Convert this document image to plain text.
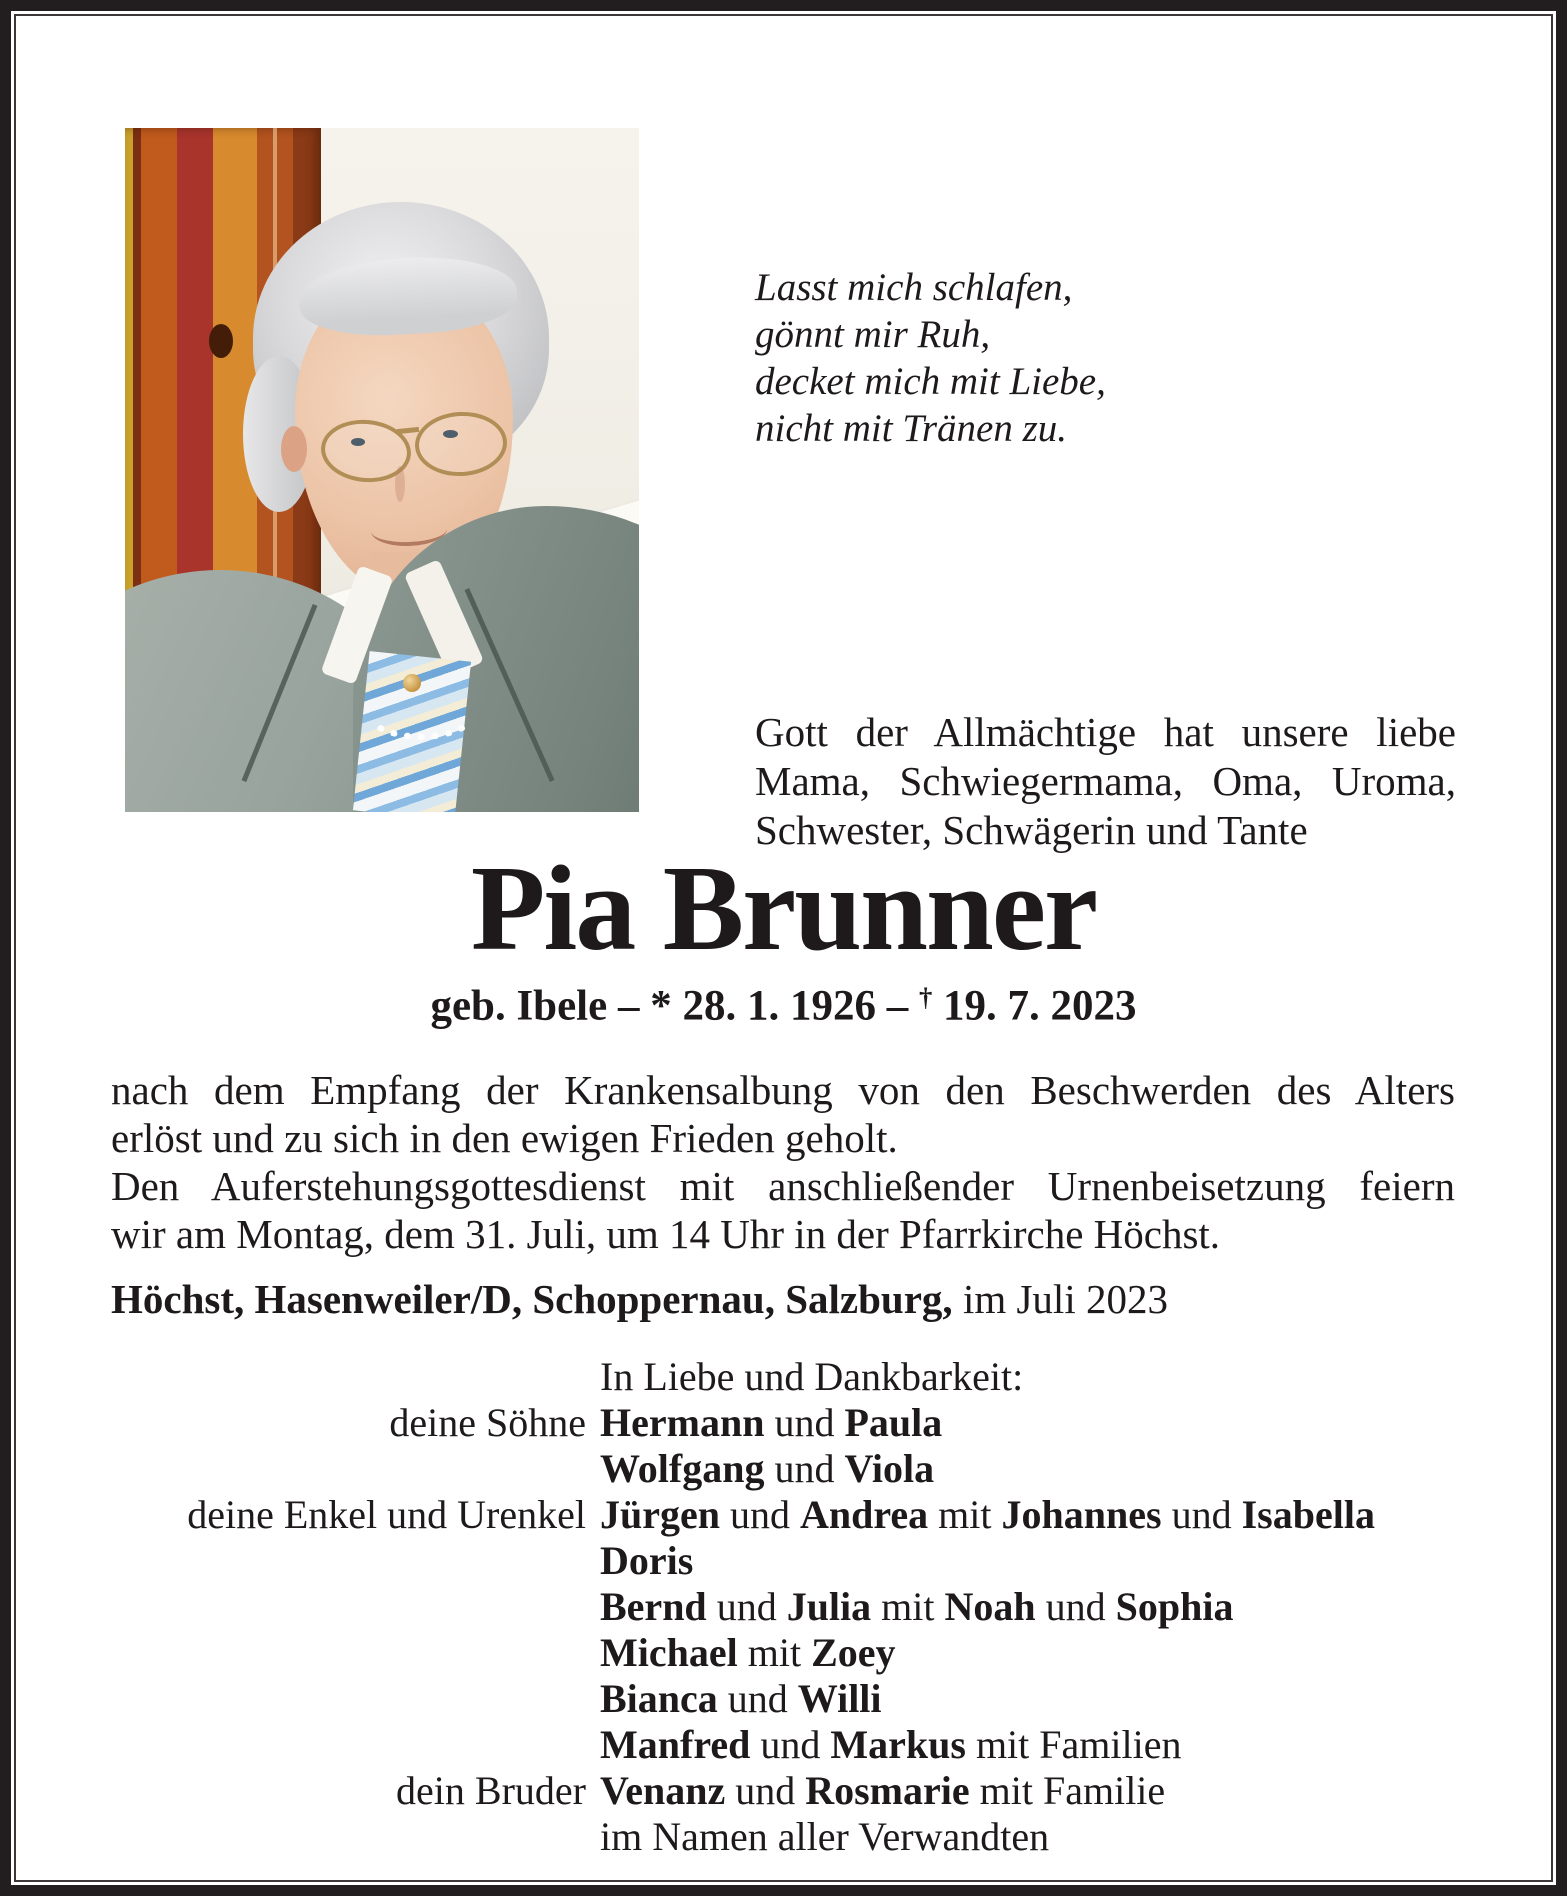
Lasst mich schlafen,
gönnt mir Ruh,
decket mich mit Liebe,
nicht mit Tränen zu.
Gott der Allmächtige hat unsere liebe
Mama, Schwiegermama, Oma, Uroma,
Schwester, Schwägerin und Tante
Pia Brunner
geb. Ibele – * 28. 1. 1926 – † 19. 7. 2023
nach dem Empfang der Krankensalbung von den Beschwerden des Alters
erlöst und zu sich in den ewigen Frieden geholt.
Den Auferstehungsgottesdienst mit anschließender Urnenbeisetzung feiern
wir am Montag, dem 31. Juli, um 14 Uhr in der Pfarrkirche Höchst.
Höchst, Hasenweiler/D, Schoppernau, Salzburg, im Juli 2023
In Liebe und Dankbarkeit:
deine Söhne Hermann und Paula
Wolfgang und Viola
deine Enkel und Urenkel Jürgen und Andrea mit Johannes und Isabella
Doris
Bernd und Julia mit Noah und Sophia
Michael mit Zoey
Bianca und Willi
Manfred und Markus mit Familien
dein Bruder Venanz und Rosmarie mit Familie
im Namen aller Verwandten
